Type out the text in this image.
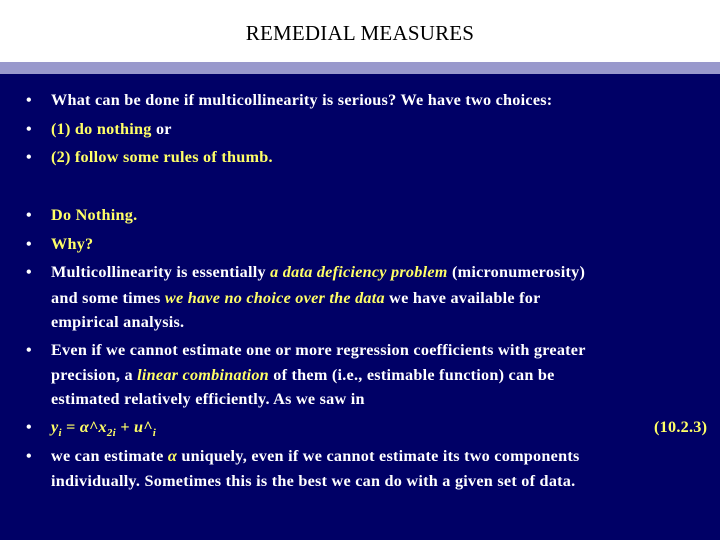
REMEDIAL MEASURES
• What can be done if multicollinearity is serious? We have two choices:
• (1) do nothing or
• (2) follow some rules of thumb.
• Do Nothing.
• Why?
• Multicollinearity is essentially a data deficiency problem (micronumerosity)
and some times we have no choice over the data we have available for
empirical analysis.
• Even if we cannot estimate one or more regression coefficients with greater
precision, a linear combination of them (i.e., estimable function) can be
estimated relatively efficiently. As we saw in
• $y_i$ = $\alpha\^{}x_{2i}$ + $u\^{}_i$	(10.2.3)
• we can estimate α uniquely, even if we cannot estimate its two components
individually. Sometimes this is the best we can do with a given set of data.
